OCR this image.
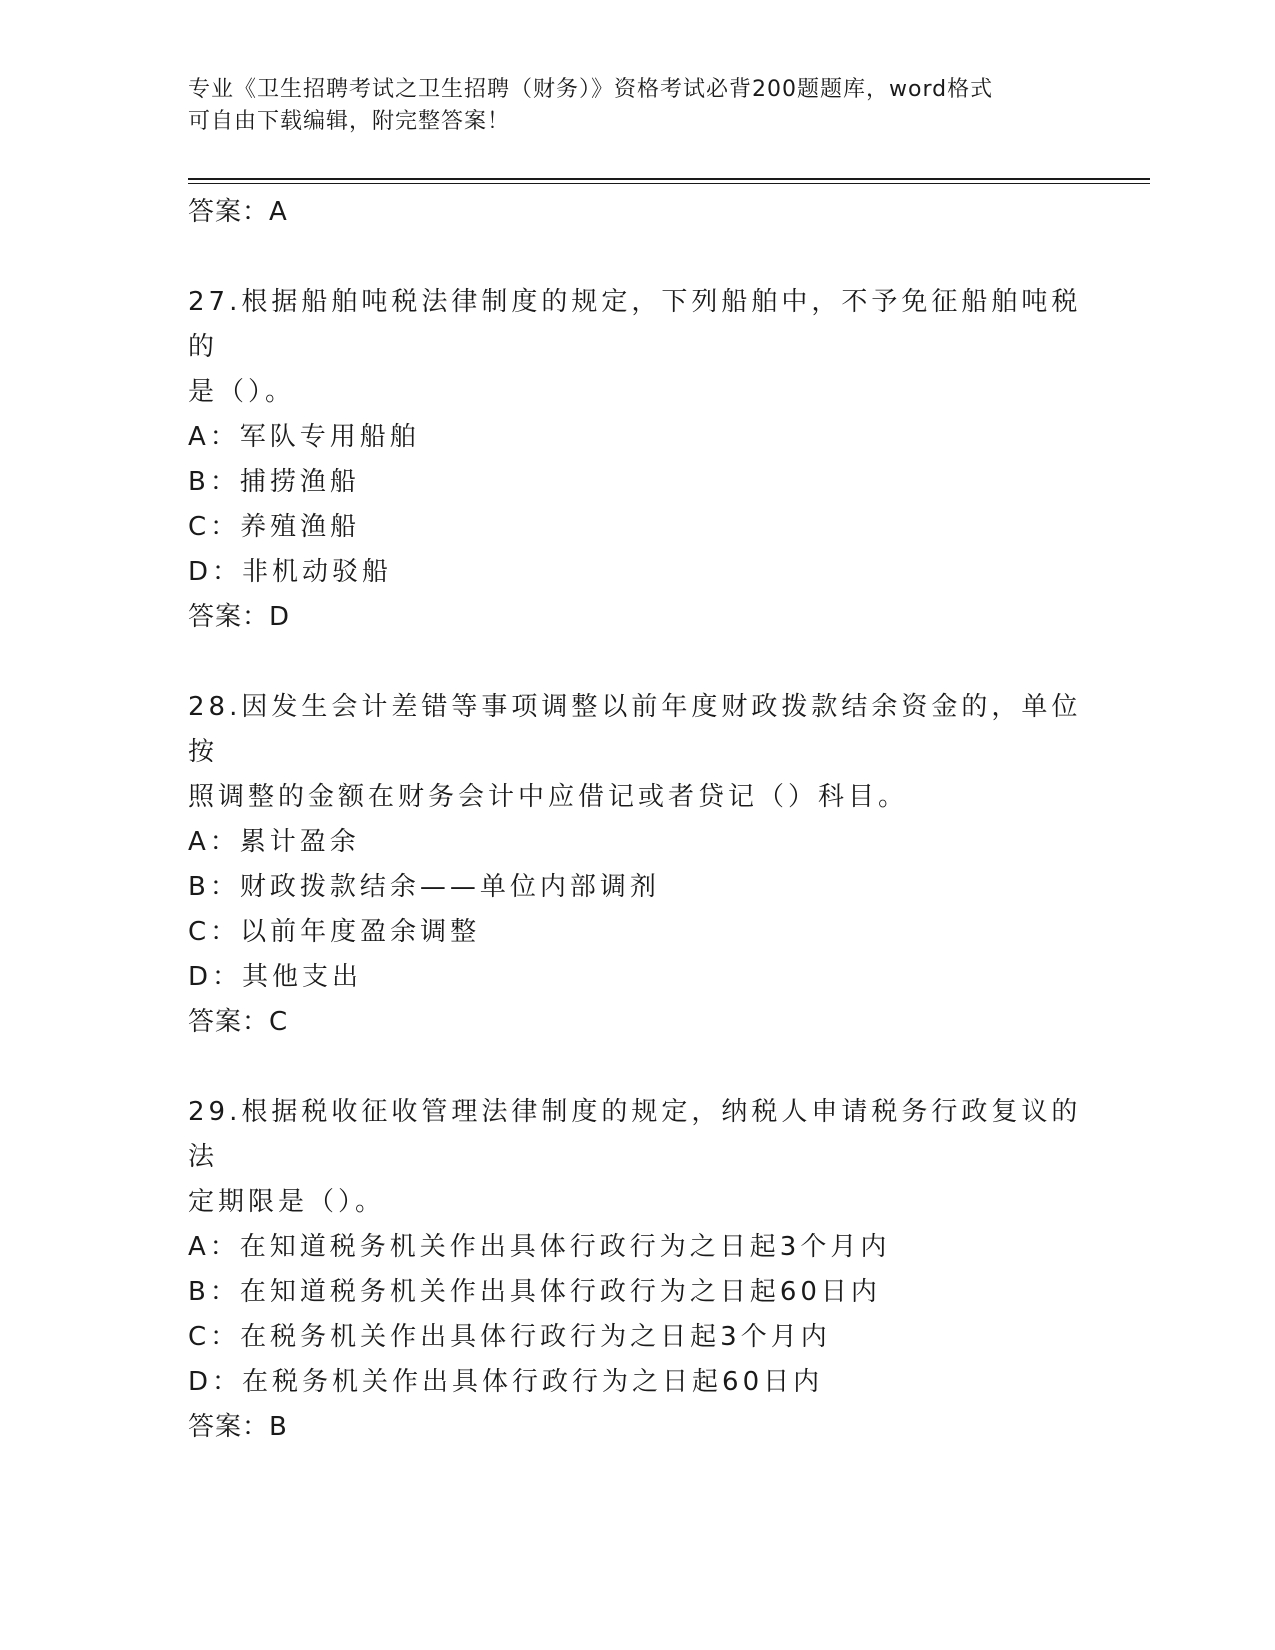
专业《卫生招聘考试之卫生招聘（财务）》资格考试必背200题题库，word格式
可自由下载编辑，附完整答案！
答案：A
27.根据船舶吨税法律制度的规定，下列船舶中，不予免征船舶吨税的
是（）。
A：军队专用船舶
B：捕捞渔船
C：养殖渔船
D：非机动驳船
答案：D
28.因发生会计差错等事项调整以前年度财政拨款结余资金的，单位按
照调整的金额在财务会计中应借记或者贷记（）科目。
A：累计盈余
B：财政拨款结余——单位内部调剂
C：以前年度盈余调整
D：其他支出
答案：C
29.根据税收征收管理法律制度的规定，纳税人申请税务行政复议的法
定期限是（）。
A：在知道税务机关作出具体行政行为之日起3个月内
B：在知道税务机关作出具体行政行为之日起60日内
C：在税务机关作出具体行政行为之日起3个月内
D：在税务机关作出具体行政行为之日起60日内
答案：B
